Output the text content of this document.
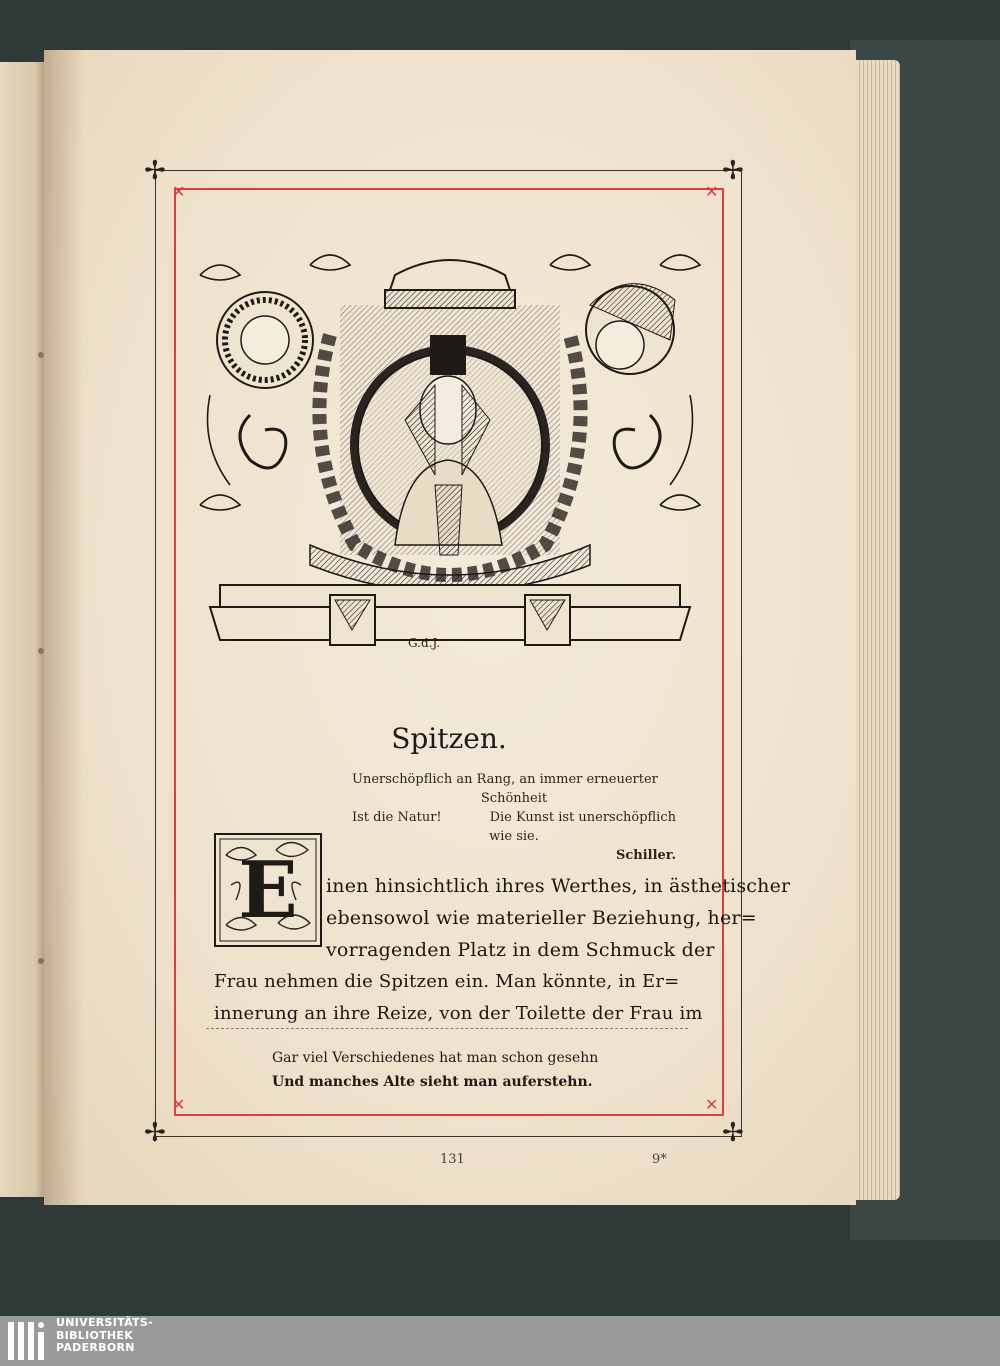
✢	✢
✢	✢
✕	✕
✕	✕
G.d.J.
Spitzen.
Unerschöpflich an Rang, an immer erneuerter
Schönheit
Ist die Natur!	Die Kunst ist unerschöpflich
wie sie.
Schiller.
E inen hinsichtlich ihres Werthes, in ästhetischer
ebensowol wie materieller Beziehung, her=
vorragenden Platz in dem Schmuck der
Frau nehmen die Spitzen ein. Man könnte, in Er=
innerung an ihre Reize, von der Toilette der Frau im
Gar viel Verschiedenes hat man schon gesehn
Und manches Alte sieht man auferstehn.
131	9*
UNIVERSITÄTS-
BIBLIOTHEK
PADERBORN
